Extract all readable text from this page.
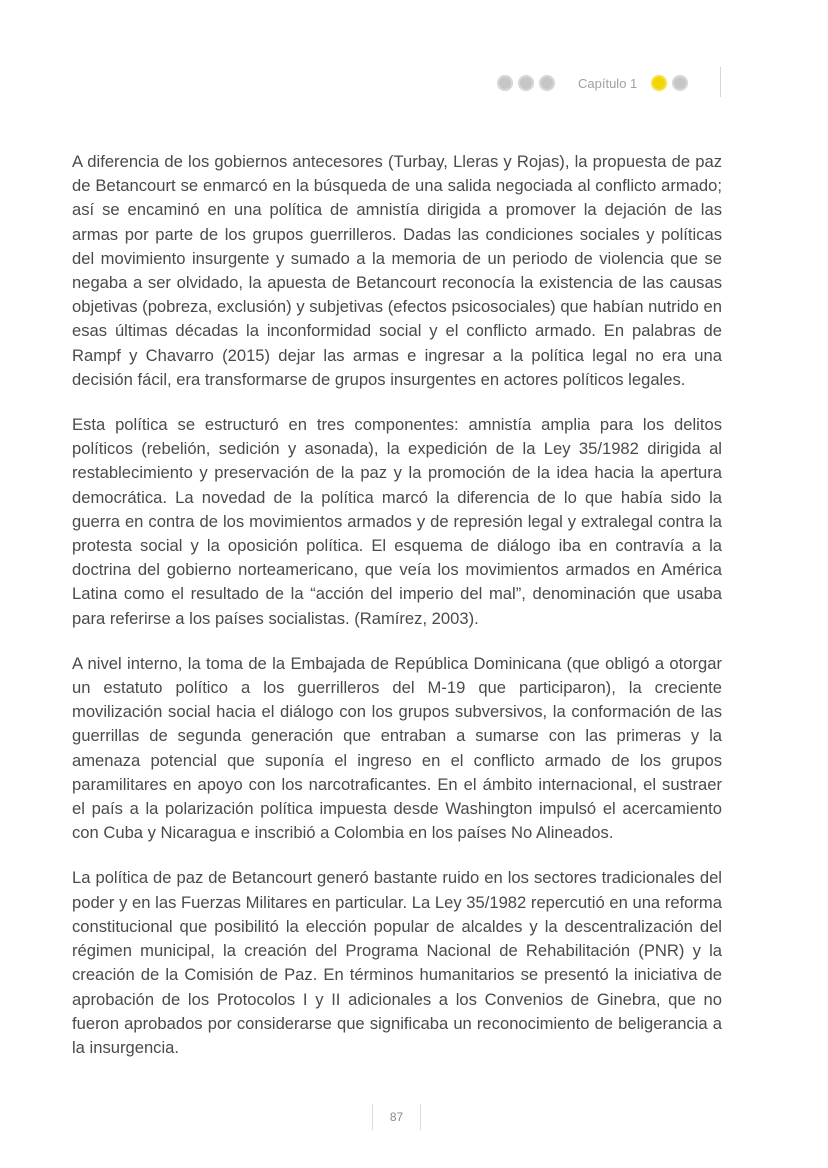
Capítulo 1

A diferencia de los gobiernos antecesores (Turbay, Lleras y Rojas), la propuesta de paz de Betancourt se enmarcó en la búsqueda de una salida negociada al conflicto armado; así se encaminó en una política de amnistía dirigida a promover la dejación de las armas por parte de los grupos guerrilleros. Dadas las condiciones sociales y políticas del movimiento insurgente y sumado a la memoria de un periodo de violencia que se negaba a ser olvidado, la apuesta de Betancourt reconocía la existencia de las causas objetivas (pobreza, exclusión) y subjetivas (efectos psicosociales) que habían nutrido en esas últimas décadas la inconformidad social y el conflicto armado. En palabras de Rampf y Chavarro (2015) dejar las armas e ingresar a la política legal no era una decisión fácil, era transformarse de grupos insurgentes en actores políticos legales.

Esta política se estructuró en tres componentes: amnistía amplia para los delitos políticos (rebelión, sedición y asonada), la expedición de la Ley 35/1982 dirigida al restablecimiento y preservación de la paz y la promoción de la idea hacia la apertura democrática. La novedad de la política marcó la diferencia de lo que había sido la guerra en contra de los movimientos armados y de represión legal y extralegal contra la protesta social y la oposición política. El esquema de diálogo iba en contravía a la doctrina del gobierno norteamericano, que veía los movimientos armados en América Latina como el resultado de la “acción del imperio del mal”, denominación que usaba para referirse a los países socialistas. (Ramírez, 2003).

A nivel interno, la toma de la Embajada de República Dominicana (que obligó a otorgar un estatuto político a los guerrilleros del M-19 que participaron), la creciente movilización social hacia el diálogo con los grupos subversivos, la conformación de las guerrillas de segunda generación que entraban a sumarse con las primeras y la amenaza potencial que suponía el ingreso en el conflicto armado de los grupos paramilitares en apoyo con los narcotraficantes. En el ámbito internacional, el sustraer el país a la polarización política impuesta desde Washington impulsó el acercamiento con Cuba y Nicaragua e inscribió a Colombia en los países No Alineados.

La política de paz de Betancourt generó bastante ruido en los sectores tradicionales del poder y en las Fuerzas Militares en particular. La Ley 35/1982 repercutió en una reforma constitucional que posibilitó la elección popular de alcaldes y la descentralización del régimen municipal, la creación del Programa Nacional de Rehabilitación (PNR) y la creación de la Comisión de Paz. En términos humanitarios se presentó la iniciativa de aprobación de los Protocolos I y II adicionales a los Convenios de Ginebra, que no fueron aprobados por considerarse que significaba un reconocimiento de beligerancia a la insurgencia.

87
